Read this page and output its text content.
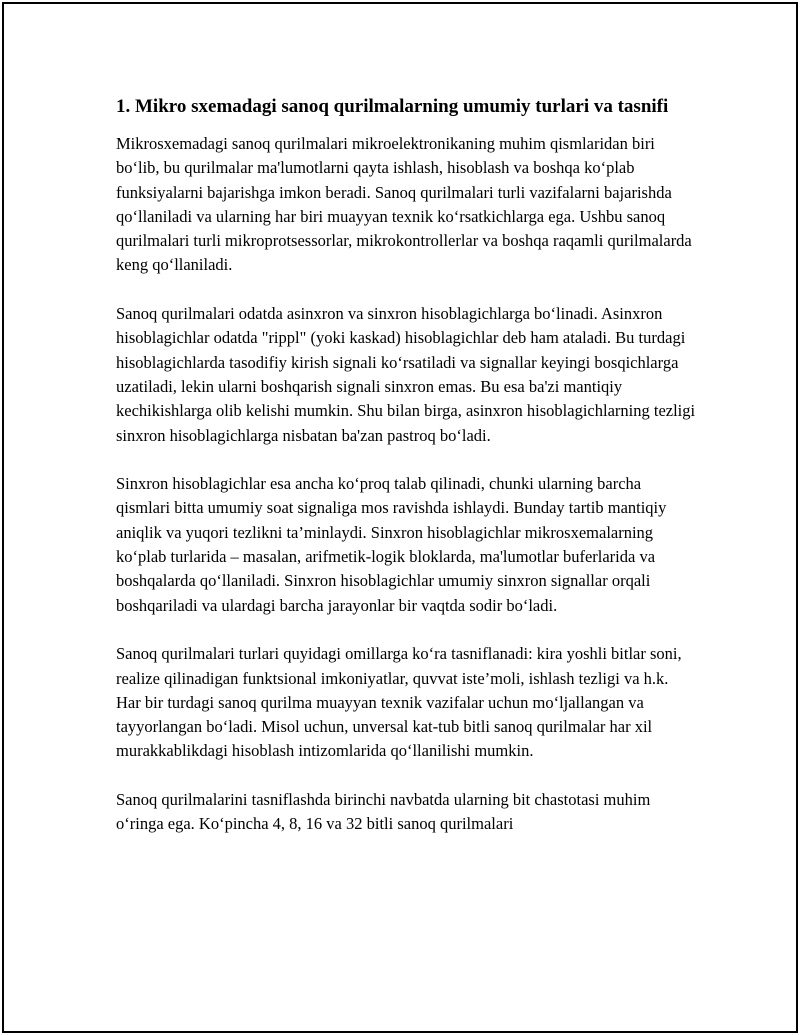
1. Mikro sxemadagi sanoq qurilmalarning umumiy turlari va tasnifi

Mikrosxemadagi sanoq qurilmalari mikroelektronikaning muhim qismlaridan biri bo‘lib, bu qurilmalar ma'lumotlarni qayta ishlash, hisoblash va boshqa ko‘plab funksiyalarni bajarishga imkon beradi. Sanoq qurilmalari turli vazifalarni bajarishda qo‘llaniladi va ularning har biri muayyan texnik ko‘rsatkichlarga ega. Ushbu sanoq qurilmalari turli mikroprotsessorlar, mikrokontrollerlar va boshqa raqamli qurilmalarda keng qo‘llaniladi.

Sanoq qurilmalari odatda asinxron va sinxron hisoblagichlarga bo‘linadi. Asinxron hisoblagichlar odatda "rippl" (yoki kaskad) hisoblagichlar deb ham ataladi. Bu turdagi hisoblagichlarda tasodifiy kirish signali ko‘rsatiladi va signallar keyingi bosqichlarga uzatiladi, lekin ularni boshqarish signali sinxron emas. Bu esa ba'zi mantiqiy kechikishlarga olib kelishi mumkin. Shu bilan birga, asinxron hisoblagichlarning tezligi sinxron hisoblagichlarga nisbatan ba'zan pastroq bo‘ladi.

Sinxron hisoblagichlar esa ancha ko‘proq talab qilinadi, chunki ularning barcha qismlari bitta umumiy soat signaliga mos ravishda ishlaydi. Bunday tartib mantiqiy aniqlik va yuqori tezlikni ta’minlaydi. Sinxron hisoblagichlar mikrosxemalarning ko‘plab turlarida – masalan, arifmetik-logik bloklarda, ma'lumotlar buferlarida va boshqalarda qo‘llaniladi. Sinxron hisoblagichlar umumiy sinxron signallar orqali boshqariladi va ulardagi barcha jarayonlar bir vaqtda sodir bo‘ladi.

Sanoq qurilmalari turlari quyidagi omillarga ko‘ra tasniflanadi: kira yoshli bitlar soni, realize qilinadigan funktsional imkoniyatlar, quvvat iste’moli, ishlash tezligi va h.k. Har bir turdagi sanoq qurilma muayyan texnik vazifalar uchun mo‘ljallangan va tayyorlangan bo‘ladi. Misol uchun, unversal kat-tub bitli sanoq qurilmalar har xil murakkablikdagi hisoblash intizomlarida qo‘llanilishi mumkin.

Sanoq qurilmalarini tasniflashda birinchi navbatda ularning bit chastotasi muhim o‘ringa ega. Ko‘pincha 4, 8, 16 va 32 bitli sanoq qurilmalari
